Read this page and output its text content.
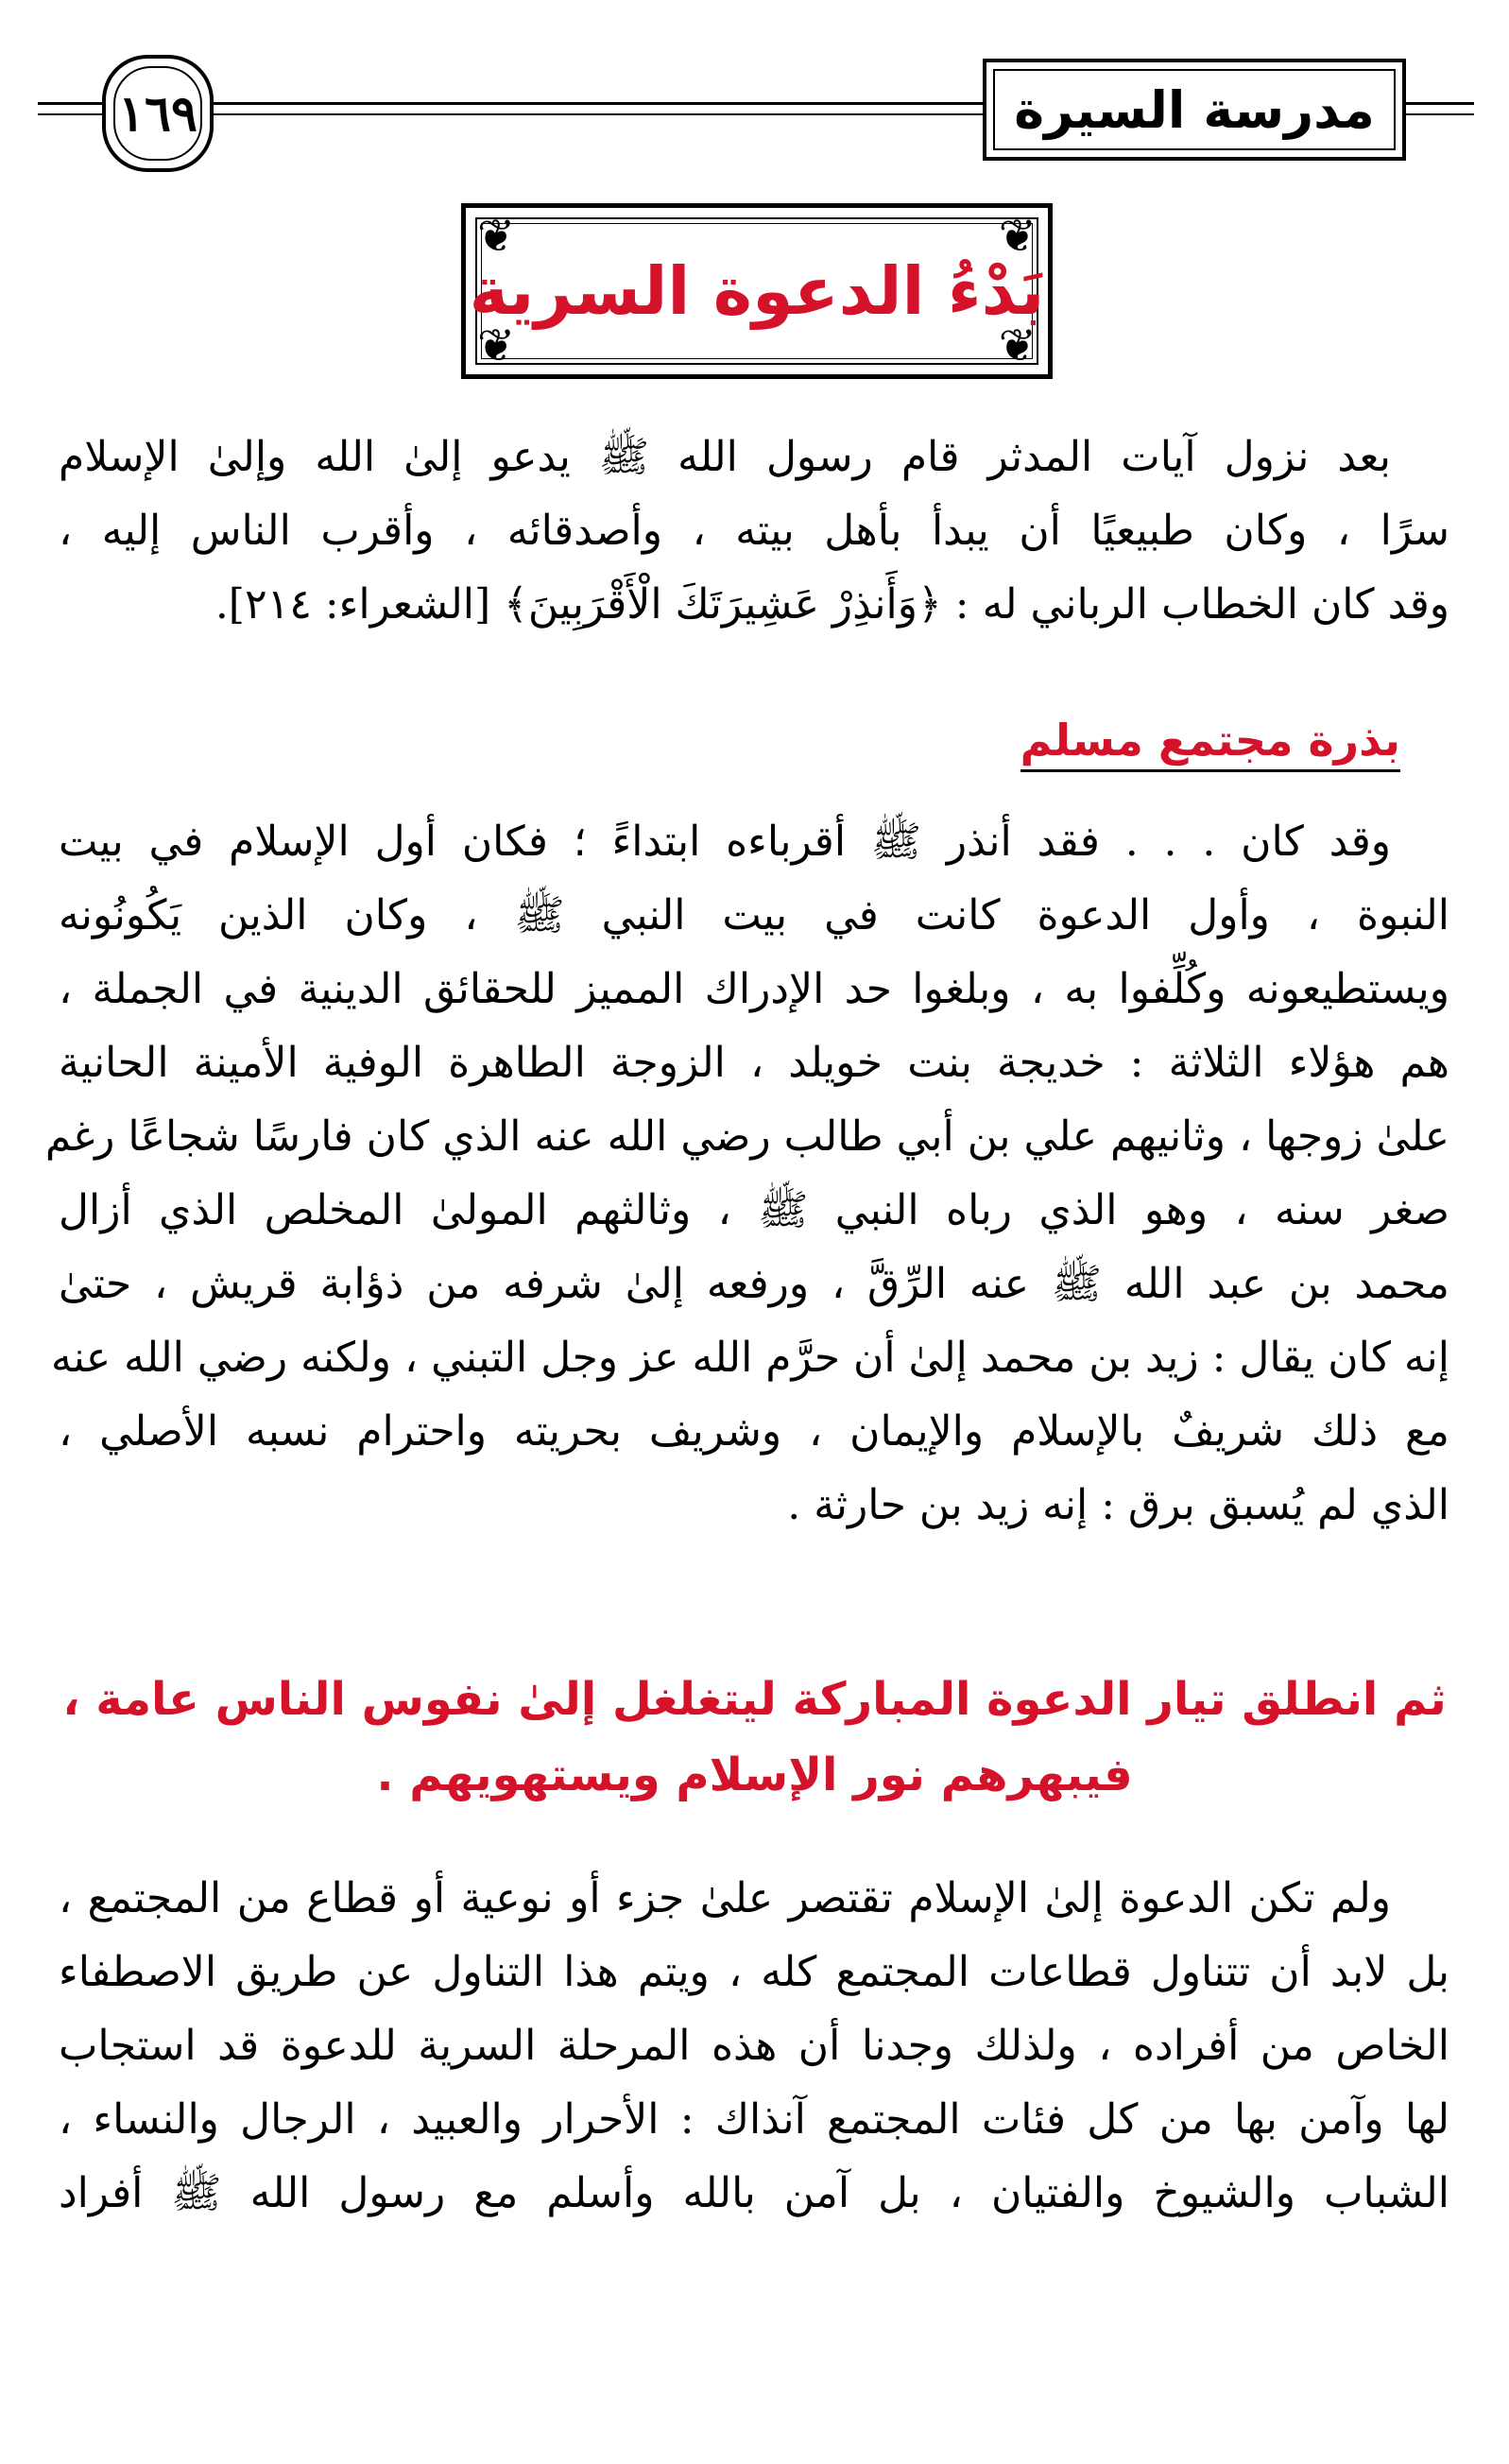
١٦٩	مدرسة السيرة
❦	❦
❦	❦
بَدْءُ الدعوة السرية
بعد نزول آيات المدثر قام رسول الله ﷺ يدعو إلىٰ الله وإلىٰ الإسلام
سرًا ، وكان طبيعيًا أن يبدأ بأهل بيته ، وأصدقائه ، وأقرب الناس إليه ،
وقد كان الخطاب الرباني له : ﴿وَأَنذِرْ عَشِيرَتَكَ الْأَقْرَبِينَ﴾ [الشعراء: ٢١٤].
بذرة مجتمع مسلم
وقد كان . . . فقد أنذر ﷺ أقرباءه ابتداءً ؛ فكان أول الإسلام في بيت
النبوة ، وأول الدعوة كانت في بيت النبي ﷺ ، وكان الذين يَكُونُونه
ويستطيعونه وكُلِّفوا به ، وبلغوا حد الإدراك المميز للحقائق الدينية في الجملة ،
هم هؤلاء الثلاثة : خديجة بنت خويلد ، الزوجة الطاهرة الوفية الأمينة الحانية
علىٰ زوجها ، وثانيهم علي بن أبي طالب رضي الله عنه الذي كان فارسًا شجاعًا رغم
صغر سنه ، وهو الذي رباه النبي ﷺ ، وثالثهم المولىٰ المخلص الذي أزال
محمد بن عبد الله ﷺ عنه الرِّقَّ ، ورفعه إلىٰ شرفه من ذؤابة قريش ، حتىٰ
إنه كان يقال : زيد بن محمد إلىٰ أن حرَّم الله عز وجل التبني ، ولكنه رضي الله عنه
مع ذلك شريفٌ بالإسلام والإيمان ، وشريف بحريته واحترام نسبه الأصلي ،
الذي لم يُسبق برق : إنه زيد بن حارثة .
ثم انطلق تيار الدعوة المباركة ليتغلغل إلىٰ نفوس الناس عامة ،
فيبهرهم نور الإسلام ويستهويهم .
ولم تكن الدعوة إلىٰ الإسلام تقتصر علىٰ جزء أو نوعية أو قطاع من المجتمع ،
بل لابد أن تتناول قطاعات المجتمع كله ، ويتم هذا التناول عن طريق الاصطفاء
الخاص من أفراده ، ولذلك وجدنا أن هذه المرحلة السرية للدعوة قد استجاب
لها وآمن بها من كل فئات المجتمع آنذاك : الأحرار والعبيد ، الرجال والنساء ،
الشباب والشيوخ والفتيان ، بل آمن بالله وأسلم مع رسول الله ﷺ أفراد
